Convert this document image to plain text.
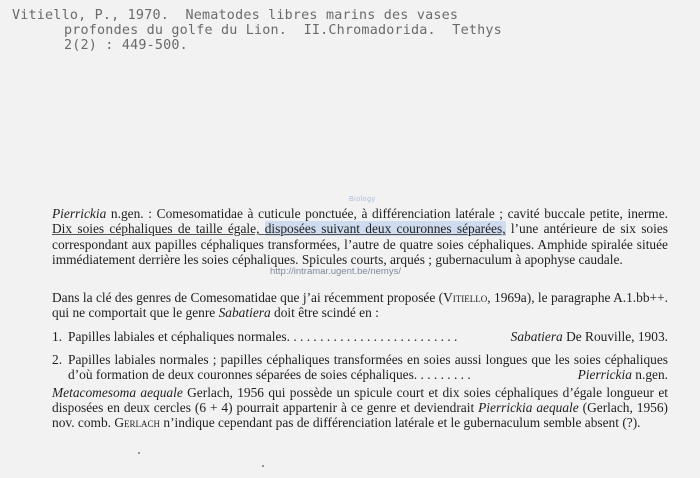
Vitiello, P., 1970.  Nematodes libres marins des vases
profondes du golfe du Lion.  II.Chromadorida.  Tethys
2(2) : 449-500.
Biology

Pierrickia n.gen. : Comesomatidae à cuticule ponctuée, à différenciation latérale ; cavité buccale petite, inerme. Dix soies céphaliques de taille égale, disposées suivant deux couronnes séparées, l’une antérieure de six soies correspondant aux papilles céphaliques transformées, l’autre de quatre soies céphaliques. Amphide spiralée située immédiatement derrière les soies céphaliques. Spicules courts, arqués ; gubernaculum à apophyse caudale.

Dans la clé des genres de Comesomatidae que j’ai récemment proposée (Vitiello, 1969a), le paragraphe A.1.bb++. qui ne comportait que le genre Sabatiera doit être scindé en :

1. Papilles labiales et céphaliques normales. . . . . . . . . . . . . . . . . . . . . . . . . .	Sabatiera De Rouville, 1903.

2. Papilles labiales normales ; papilles céphaliques transformées en soies aussi longues que les soies céphaliques d’où formation de deux couronnes séparées de soies céphaliques. . . . . . . . .	Pierrickia n.gen.

Metacomesoma aequale Gerlach, 1956 qui possède un spicule court et dix soies céphaliques d’égale longueur et disposées en deux cercles (6 + 4) pourrait appartenir à ce genre et deviendrait Pierrickia aequale (Gerlach, 1956) nov. comb. Gerlach n’indique cependant pas de différenciation latérale et le gubernaculum semble absent (?).

http://intramar.ugent.be/nemys/
